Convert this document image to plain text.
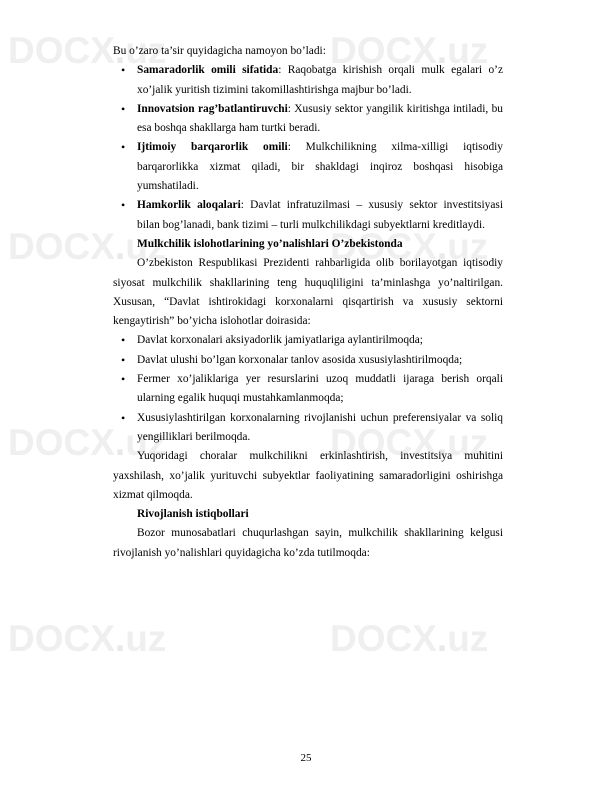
DOCX.uz	DOCX.uz
DOCX.uz	DOCX.uz
DOCX.uz	DOCX.uz
DOCX.uz	DOCX.uz

Bu o’zaro ta’sir quyidagicha namoyon bo’ladi:

• Samaradorlik omili sifatida: Raqobatga kirishish orqali mulk egalari o’z xo’jalik yuritish tizimini takomillashtirishga majbur bo’ladi.
• Innovatsion rag’batlantiruvchi: Xususiy sektor yangilik kiritishga intiladi, bu esa boshqa shakllarga ham turtki beradi.
• Ijtimoiy barqarorlik omili: Mulkchilikning xilma-xilligi iqtisodiy barqarorlikka xizmat qiladi, bir shakldagi inqiroz boshqasi hisobiga yumshatiladi.
• Hamkorlik aloqalari: Davlat infratuzilmasi – xususiy sektor investitsiyasi bilan bog’lanadi, bank tizimi – turli mulkchilikdagi subyektlarni kreditlaydi.

Mulkchilik islohotlarining yo’nalishlari O’zbekistonda

O’zbekiston Respublikasi Prezidenti rahbarligida olib borilayotgan iqtisodiy siyosat mulkchilik shakllarining teng huquqliligini ta’minlashga yo’naltirilgan. Xususan, “Davlat ishtirokidagi korxonalarni qisqartirish va xususiy sektorni kengaytirish” bo’yicha islohotlar doirasida:

• Davlat korxonalari aksiyadorlik jamiyatlariga aylantirilmoqda;
• Davlat ulushi bo’lgan korxonalar tanlov asosida xususiylashtirilmoqda;
• Fermer xo’jaliklariga yer resurslarini uzoq muddatli ijaraga berish orqali ularning egalik huquqi mustahkamlanmoqda;
• Xususiylashtirilgan korxonalarning rivojlanishi uchun preferensiyalar va soliq yengilliklari berilmoqda.

Yuqoridagi choralar mulkchilikni erkinlashtirish, investitsiya muhitini yaxshilash, xo’jalik yurituvchi subyektlar faoliyatining samaradorligini oshirishga xizmat qilmoqda.

Rivojlanish istiqbollari

Bozor munosabatlari chuqurlashgan sayin, mulkchilik shakllarining kelgusi rivojlanish yo’nalishlari quyidagicha ko’zda tutilmoqda:

25
